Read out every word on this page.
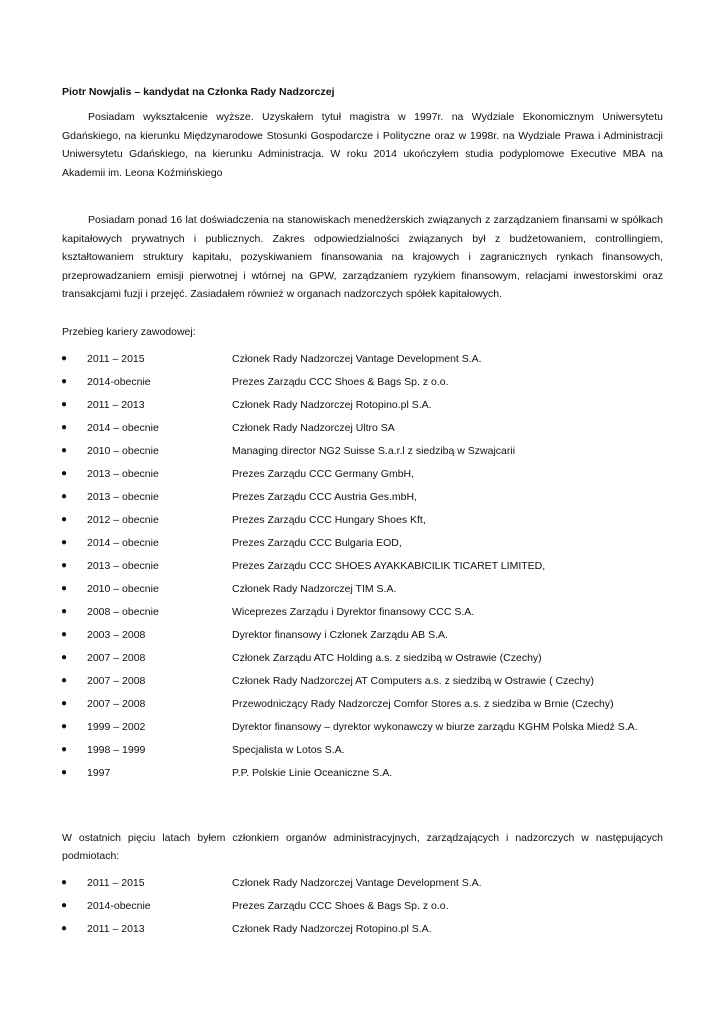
Piotr Nowjalis – kandydat na Członka Rady Nadzorczej

Posiadam wykształcenie wyższe. Uzyskałem tytuł magistra w 1997r. na Wydziale Ekonomicznym Uniwersytetu Gdańskiego, na kierunku Międzynarodowe Stosunki Gospodarcze i Polityczne oraz w 1998r. na Wydziale Prawa i Administracji Uniwersytetu Gdańskiego, na kierunku Administracja. W roku 2014 ukończyłem studia podyplomowe Executive MBA na Akademii im. Leona Koźmińskiego

Posiadam ponad 16 lat doświadczenia na stanowiskach menedżerskich związanych z zarządzaniem finansami w spółkach kapitałowych prywatnych i publicznych. Zakres odpowiedzialności związanych był z budżetowaniem, controllingiem, kształtowaniem struktury kapitału, pozyskiwaniem finansowania na krajowych i zagranicznych rynkach finansowych, przeprowadzaniem emisji pierwotnej i wtórnej na GPW, zarządzaniem ryzykiem finansowym, relacjami inwestorskimi oraz transakcjami fuzji i przejęć. Zasiadałem również w organach nadzorczych spółek kapitałowych.

Przebieg kariery zawodowej:
● 2011 – 2015	Członek Rady Nadzorczej Vantage Development S.A.
● 2014-obecnie	Prezes Zarządu CCC Shoes & Bags Sp. z o.o.
● 2011 – 2013	Członek Rady Nadzorczej Rotopino.pl S.A.
● 2014 – obecnie	Członek Rady Nadzorczej Ultro SA
● 2010 – obecnie	Managing director NG2 Suisse S.a.r.l z siedzibą w Szwajcarii
● 2013 – obecnie	Prezes Zarządu CCC Germany GmbH,
● 2013 – obecnie	Prezes Zarządu CCC Austria Ges.mbH,
● 2012 – obecnie	Prezes Zarządu CCC Hungary Shoes Kft,
● 2014 – obecnie	Prezes Zarządu CCC Bulgaria EOD,
● 2013 – obecnie	Prezes Zarządu CCC SHOES AYAKKABICILIK TICARET LIMITED,
● 2010 – obecnie	Członek Rady Nadzorczej TIM S.A.
● 2008 – obecnie	Wiceprezes Zarządu i Dyrektor finansowy CCC S.A.
● 2003 – 2008	Dyrektor finansowy i Członek Zarządu AB S.A.
● 2007 – 2008	Członek Zarządu ATC Holding a.s. z siedzibą w Ostrawie (Czechy)
● 2007 – 2008	Członek Rady Nadzorczej AT Computers a.s. z siedzibą w Ostrawie ( Czechy)
● 2007 – 2008	Przewodniczący Rady Nadzorczej Comfor Stores a.s. z siedziba w Brnie (Czechy)
● 1999 – 2002	Dyrektor finansowy – dyrektor wykonawczy w biurze zarządu KGHM Polska Miedź S.A.
● 1998 – 1999	Specjalista w Lotos S.A.
● 1997	P.P. Polskie Linie Oceaniczne S.A.

W ostatnich pięciu latach byłem członkiem organów administracyjnych, zarządzających i nadzorczych w następujących podmiotach:

● 2011 – 2015	Członek Rady Nadzorczej Vantage Development S.A.
● 2014-obecnie	Prezes Zarządu CCC Shoes & Bags Sp. z o.o.
● 2011 – 2013	Członek Rady Nadzorczej Rotopino.pl S.A.
